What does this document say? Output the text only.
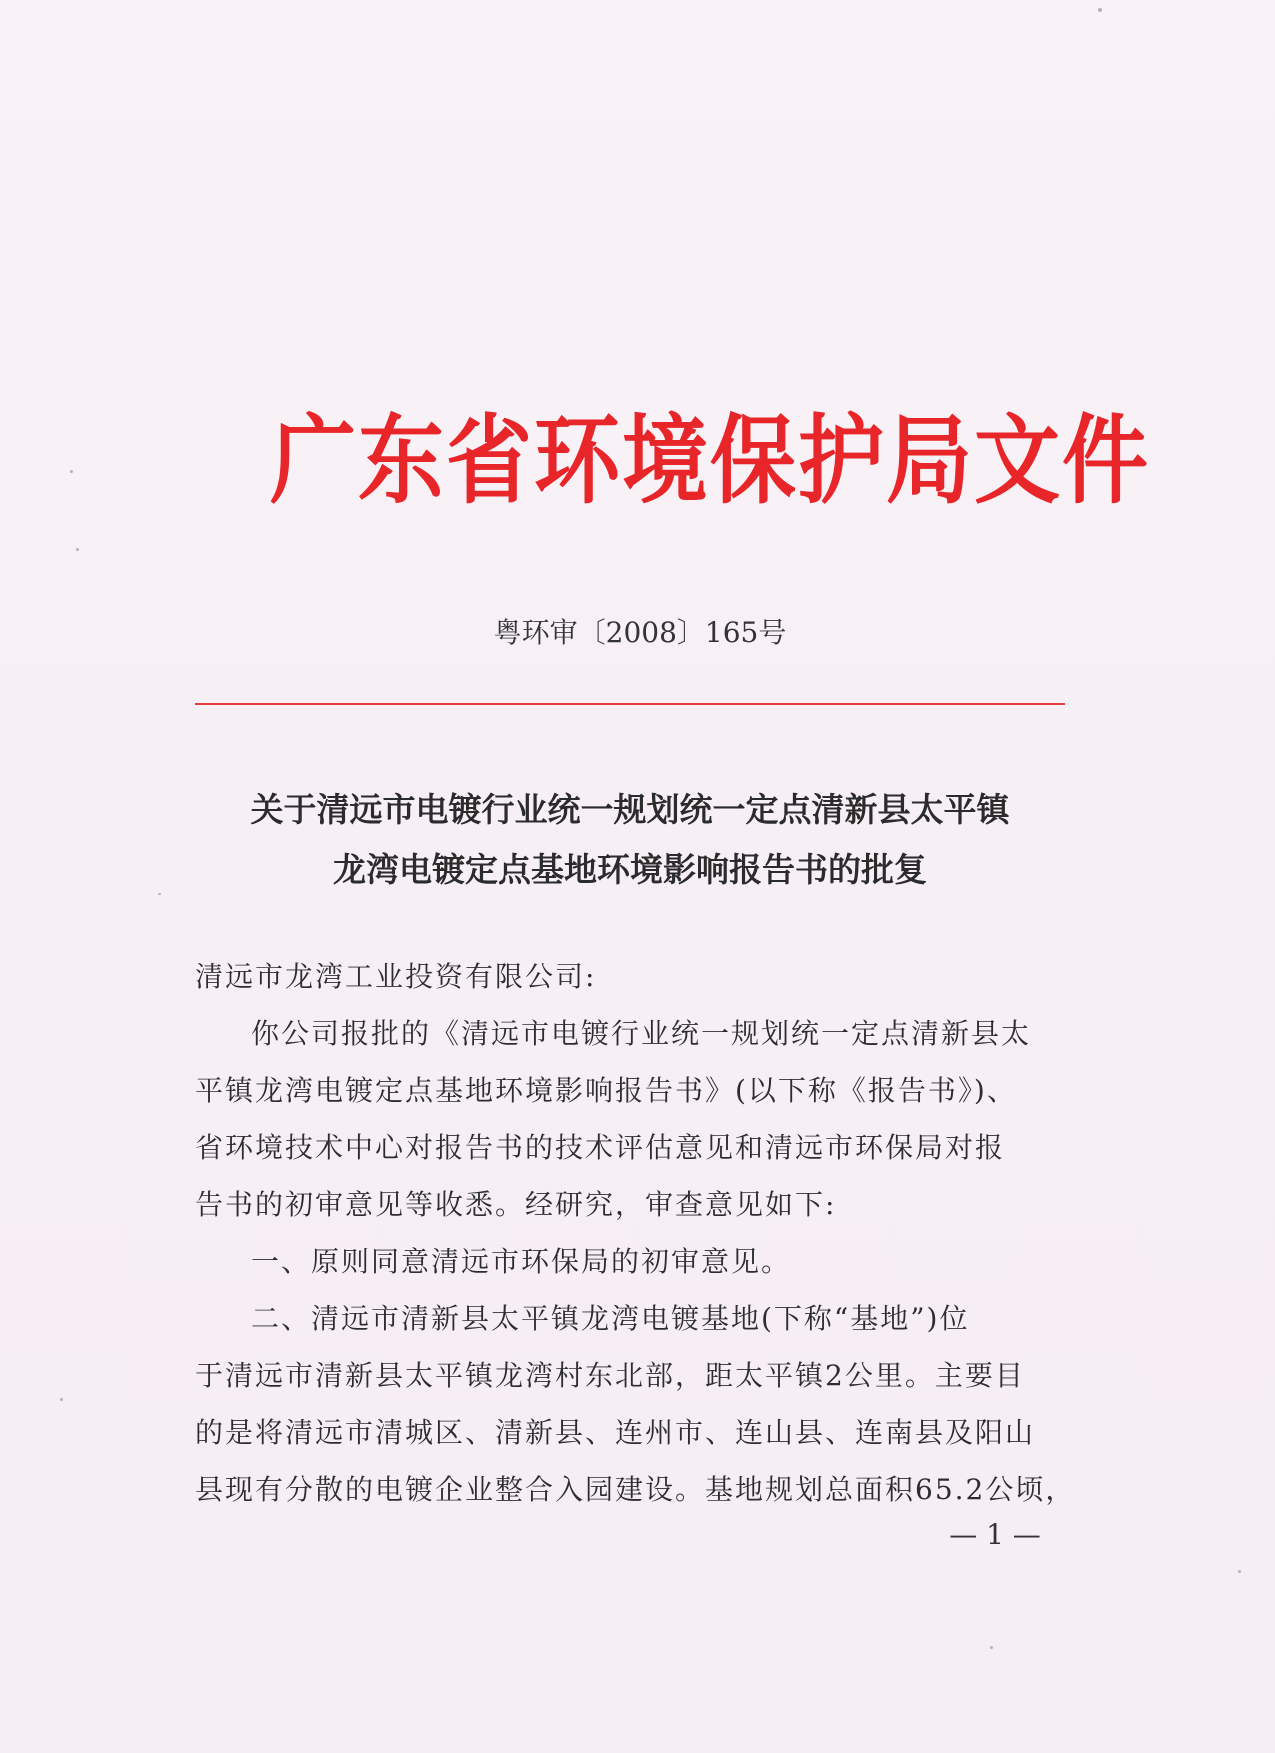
广东省环境保护局文件
粤环审〔2008〕165号
关于清远市电镀行业统一规划统一定点清新县太平镇
龙湾电镀定点基地环境影响报告书的批复
清远市龙湾工业投资有限公司:
你公司报批的《清远市电镀行业统一规划统一定点清新县太
平镇龙湾电镀定点基地环境影响报告书》(以下称《报告书》)、
省环境技术中心对报告书的技术评估意见和清远市环保局对报
告书的初审意见等收悉。经研究，审查意见如下:
一、原则同意清远市环保局的初审意见。
二、清远市清新县太平镇龙湾电镀基地(下称“基地”)位
于清远市清新县太平镇龙湾村东北部，距太平镇2公里。主要目
的是将清远市清城区、清新县、连州市、连山县、连南县及阳山
县现有分散的电镀企业整合入园建设。基地规划总面积65.2公顷，
— 1 —
